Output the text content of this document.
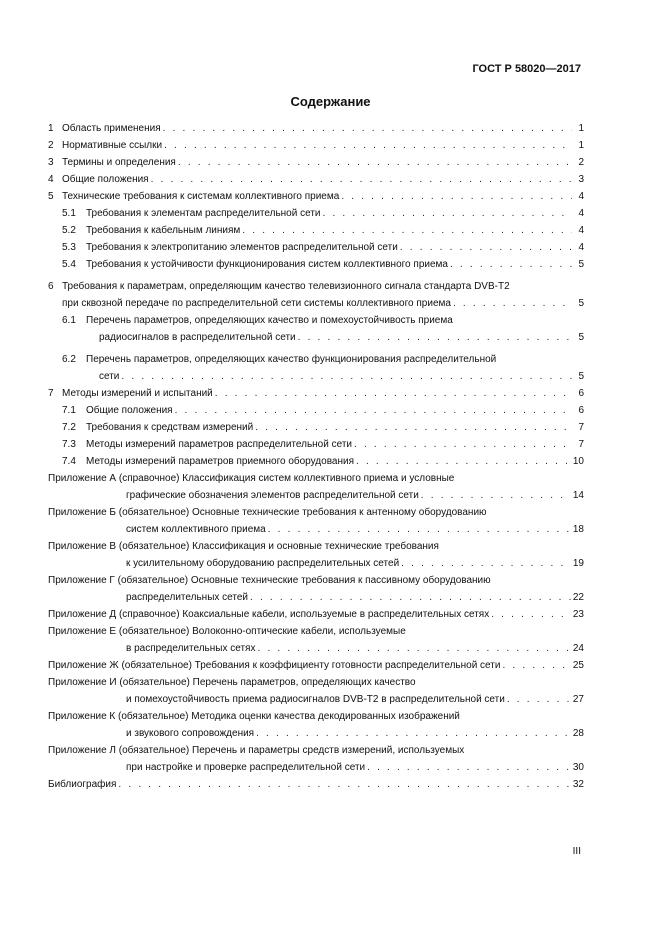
ГОСТ Р 58020—2017
Содержание
1 Область применения . . .	1
2 Нормативные ссылки . . .	1
3 Термины и определения . . .	2
4 Общие положения . . .	3
5 Технические требования к системам коллективного приема . . .	4
5.1	Требования к элементам распределительной сети . . .	4
5.2	Требования к кабельным линиям . . .	4
5.3	Требования к электропитанию элементов распределительной сети . . .	4
5.4	Требования к устойчивости функционирования систем коллективного приема . . .	5
6 Требования к параметрам, определяющим качество телевизионного сигнала стандарта DVB-T2
при сквозной передаче по распределительной сети системы коллективного приема . . .	5
6.1	Перечень параметров, определяющих качество и помехоустойчивость приема
радиосигналов в распределительной сети . . .	5
6.2	Перечень параметров, определяющих качество функционирования распределительной
сети . . .	5
7 Методы измерений и испытаний . . .	6
7.1	Общие положения . . .	6
7.2	Требования к средствам измерений . . .	7
7.3	Методы измерений параметров распределительной сети . . .	7
7.4	Методы измерений параметров приемного оборудования . . .	10
Приложение А (справочное) Классификация систем коллективного приема и условные
графические обозначения элементов распределительной сети . . .	14
Приложение Б (обязательное) Основные технические требования к антенному оборудованию
систем коллективного приема . . .	18
Приложение В (обязательное) Классификация и основные технические требования
к усилительному оборудованию распределительных сетей . . .	19
Приложение Г (обязательное) Основные технические требования к пассивному оборудованию
распределительных сетей . . .	22
Приложение Д (справочное) Коаксиальные кабели, используемые в распределительных сетях . . .	23
Приложение Е (обязательное) Волоконно-оптические кабели, используемые
в распределительных сетях . . .	24
Приложение Ж (обязательное) Требования к коэффициенту готовности распределительной сети . . .	25
Приложение И (обязательное) Перечень параметров, определяющих качество
и помехоустойчивость приема радиосигналов DVB-T2 в распределительной сети . . .	27
Приложение К (обязательное) Методика оценки качества декодированных изображений
и звукового сопровождения . . .	28
Приложение Л (обязательное) Перечень и параметры средств измерений, используемых
при настройке и проверке распределительной сети . . .	30
Библиография . . .	32
III
